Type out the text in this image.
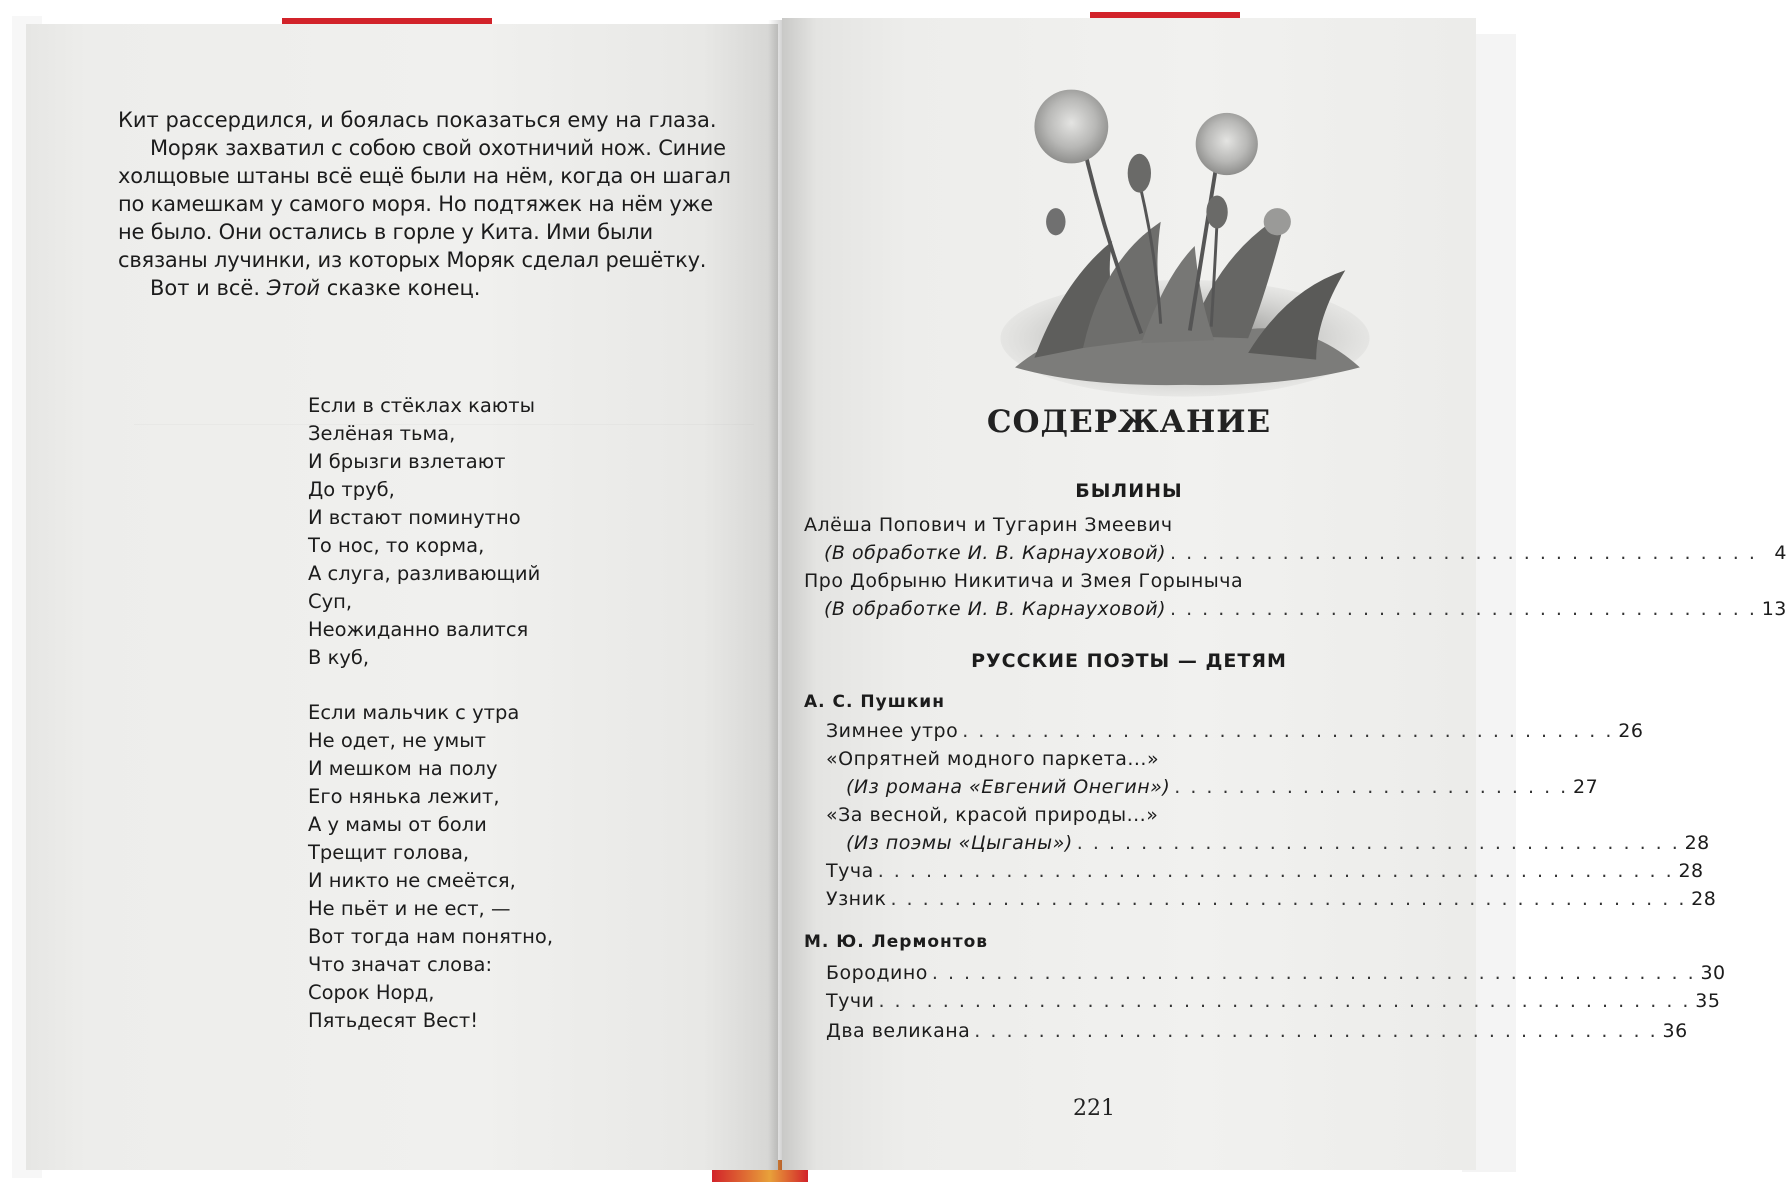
Кит рассердился, и боялась показаться ему на глаза.

Моряк захватил с собою свой охотничий нож. Синие холщовые штаны всё ещё были на нём, когда он шагал по камешкам у самого моря. Но подтяжек на нём уже не было. Они остались в горле у Кита. Ими были связаны лучинки, из которых Моряк сделал решётку.

Вот и всё. Этой сказке конец.

Если в стёклах каюты
Зелёная тьма,
И брызги взлетают
До труб,
И встают поминутно
То нос, то корма,
А слуга, разливающий
Суп,
Неожиданно валится
В куб,
Если мальчик с утра
Не одет, не умыт
И мешком на полу
Его нянька лежит,
А у мамы от боли
Трещит голова,
И никто не смеётся,
Не пьёт и не ест, —
Вот тогда нам понятно,
Что значат слова:
Сорок Норд,
Пятьдесят Вест!
СОДЕРЖАНИЕ
БЫЛИНЫ
Алёша Попович и Тугарин Змеевич
(В обработке И. В. Карнауховой) . . . . . . . . . . . . . . . . . . . . . . . . . . . . . . . . . . . . . 4
Про Добрыню Никитича и Змея Горыныча
(В обработке И. В. Карнауховой) . . . . . . . . . . . . . . . . . . . . . . . . . . . . . . . . . . . . . 13
РУССКИЕ ПОЭТЫ — ДЕТЯМ
А. С. Пушкин
Зимнее утро . . . . . . . . . . . . . . . . . . . . . . . . . . . . . . . . . . . . . . . . . 26
«Опрятней модного паркета...»
(Из романа «Евгений Онегин») . . . . . . . . . . . . . . . . . . . . . . . . . 27
«За весной, красой природы...»
(Из поэмы «Цыганы») . . . . . . . . . . . . . . . . . . . . . . . . . . . . . . . . . . . . . . 28
Туча . . . . . . . . . . . . . . . . . . . . . . . . . . . . . . . . . . . . . . . . . . . . . . . . . . 28
Узник . . . . . . . . . . . . . . . . . . . . . . . . . . . . . . . . . . . . . . . . . . . . . . . . . . 28
М. Ю. Лермонтов
Бородино . . . . . . . . . . . . . . . . . . . . . . . . . . . . . . . . . . . . . . . . . . . . . . . . 30
Тучи . . . . . . . . . . . . . . . . . . . . . . . . . . . . . . . . . . . . . . . . . . . . . . . . . . . 35
Два великана . . . . . . . . . . . . . . . . . . . . . . . . . . . . . . . . . . . . . . . . . . . 36
221
